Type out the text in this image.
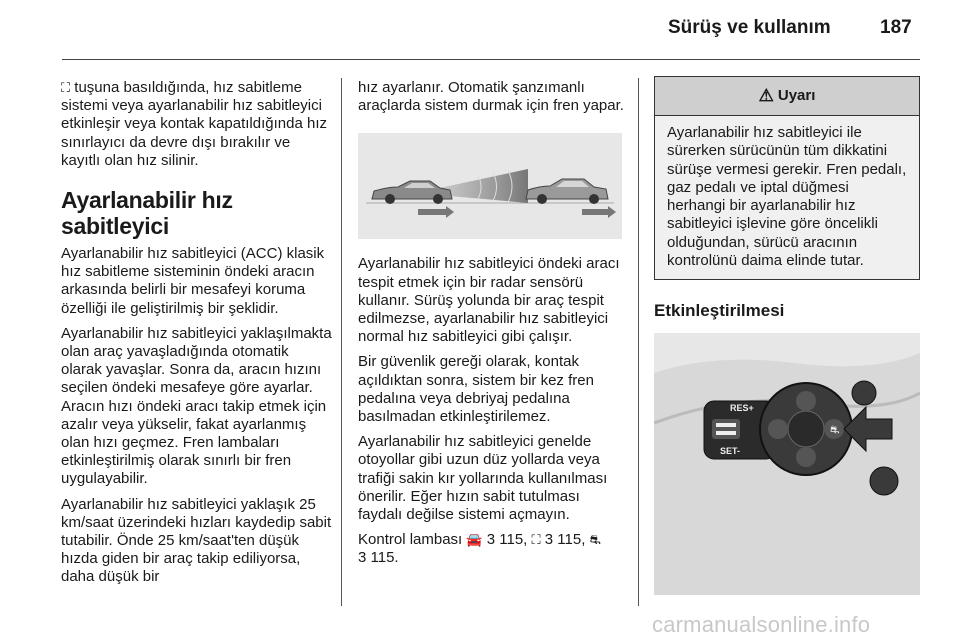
Sürüş ve kullanım	187

⛶ tuşuna basıldığında, hız sabitleme sistemi veya ayarlanabilir hız sabitleyici etkinleşir veya kontak kapatıldığında hız sınırlayıcı da devre dışı bırakılır ve kayıtlı olan hız silinir.

Ayarlanabilir hız sabitleyici

Ayarlanabilir hız sabitleyici (ACC) klasik hız sabitleme sisteminin öndeki aracın arkasında belirli bir mesafeyi koruma özelliği ile geliştirilmiş bir şeklidir.

Ayarlanabilir hız sabitleyici yaklaşılmakta olan araç yavaşladığında otomatik olarak yavaşlar. Sonra da, aracın hızını seçilen öndeki mesafeye göre ayarlar. Aracın hızı öndeki aracı takip etmek için azalır veya yükselir, fakat ayarlanmış olan hızı geçmez. Fren lambaları etkinleştirilmiş olarak sınırlı bir fren uygulayabilir.

Ayarlanabilir hız sabitleyici yaklaşık 25 km/saat üzerindeki hızları kaydedip sabit tutabilir. Önde 25 km/saat'ten düşük hızda giden bir araç takip ediliyorsa, daha düşük bir

hız ayarlanır. Otomatik şanzımanlı araçlarda sistem durmak için fren yapar.

Ayarlanabilir hız sabitleyici öndeki aracı tespit etmek için bir radar sensörü kullanır. Sürüş yolunda bir araç tespit edilmezse, ayarlanabilir hız sabitleyici normal hız sabitleyici gibi çalışır.

Bir güvenlik gereği olarak, kontak açıldıktan sonra, sistem bir kez fren pedalına veya debriyaj pedalına basılmadan etkinleştirilemez.

Ayarlanabilir hız sabitleyici genelde otoyollar gibi uzun düz yollarda veya trafiği sakin kır yollarında kullanılması önerilir. Eğer hızın sabit tutulması faydalı değilse sistemi açmayın.

Kontrol lambası 🚘 3 115, ⛶ 3 115, ⛐
3 115.

⚠ Uyarı
Ayarlanabilir hız sabitleyici ile sürerken sürücünün tüm dikkatini sürüşe vermesi gerekir. Fren pedalı, gaz pedalı ve iptal düğmesi herhangi bir ayarlanabilir hız sabitleyici işlevine göre öncelikli olduğundan, sürücü aracının kontrolünü daima elinde tutar.
Etkinleştirilmesi
RES+
SET-
⛐
carmanualsonline.info
